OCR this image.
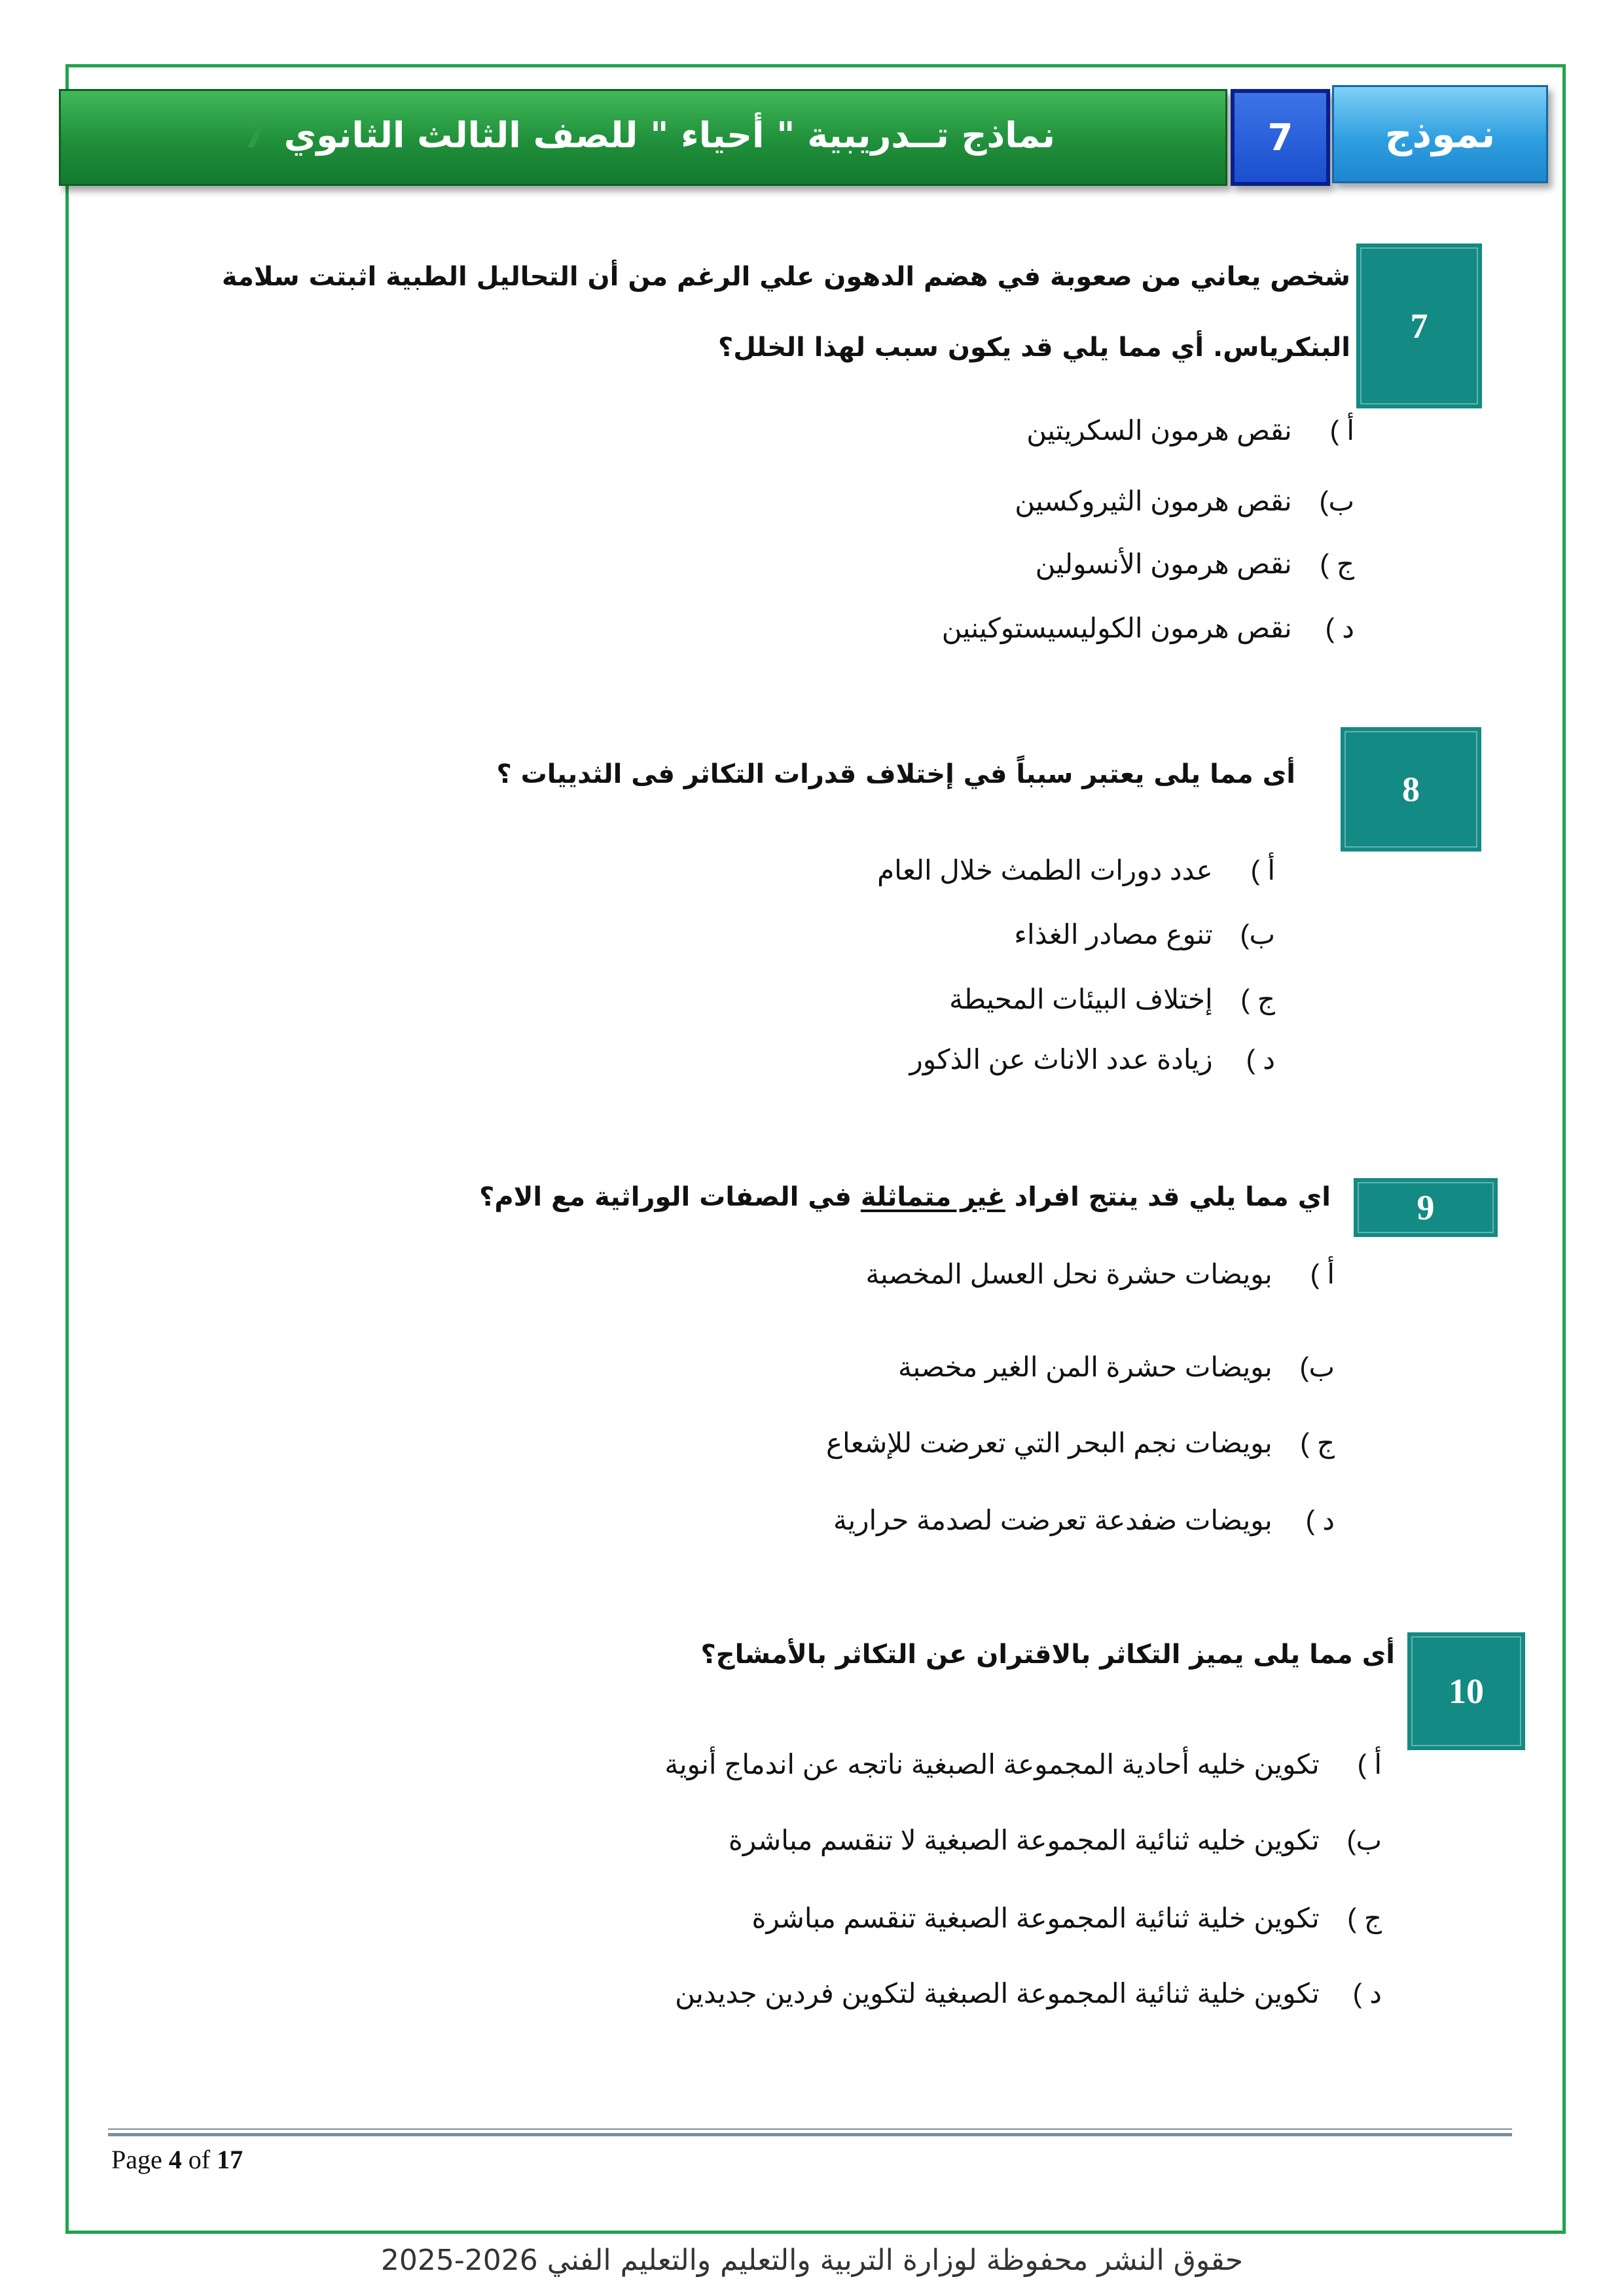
7 نماذج تــدريبية " أحياء " للصف الثالث الثانوي	7	نموذج
7
شخص يعاني من صعوبة في هضم الدهون علي الرغم من أن التحاليل الطبية اثبتت سلامة
البنكرياس. أي مما يلي قد يكون سبب لهذا الخلل؟
أ )  نقص هرمون السكريتين
ب)  نقص هرمون الثيروكسين
ج )  نقص هرمون الأنسولين
د )  نقص هرمون الكوليسيستوكينين
8
أى مما يلى يعتبر سبباً في إختلاف قدرات التكاثر فى الثدييات ؟
أ )  عدد دورات الطمث خلال العام
ب)  تنوع مصادر الغذاء
ج )  إختلاف البيئات المحيطة
د )  زيادة عدد الاناث عن الذكور
9
اي مما يلي قد ينتج افراد غير متماثلة في الصفات الوراثية مع الام؟
أ )  بويضات حشرة نحل العسل المخصبة
ب)  بويضات حشرة المن الغير مخصبة
ج )  بويضات نجم البحر التي تعرضت للإشعاع
د )  بويضات ضفدعة تعرضت لصدمة حرارية
10
أى مما يلى يميز التكاثر بالاقتران عن التكاثر بالأمشاج؟
أ )  تكوين خليه أحادية المجموعة الصبغية ناتجه عن اندماج أنوية
ب)  تكوين خليه ثنائية المجموعة الصبغية لا تنقسم مباشرة
ج )  تكوين خلية ثنائية المجموعة الصبغية تنقسم مباشرة
د )  تكوين خلية ثنائية المجموعة الصبغية لتكوين فردين جديدين
Page 4 of 17
حقوق النشر محفوظة لوزارة التربية والتعليم والتعليم الفني 2026-2025
